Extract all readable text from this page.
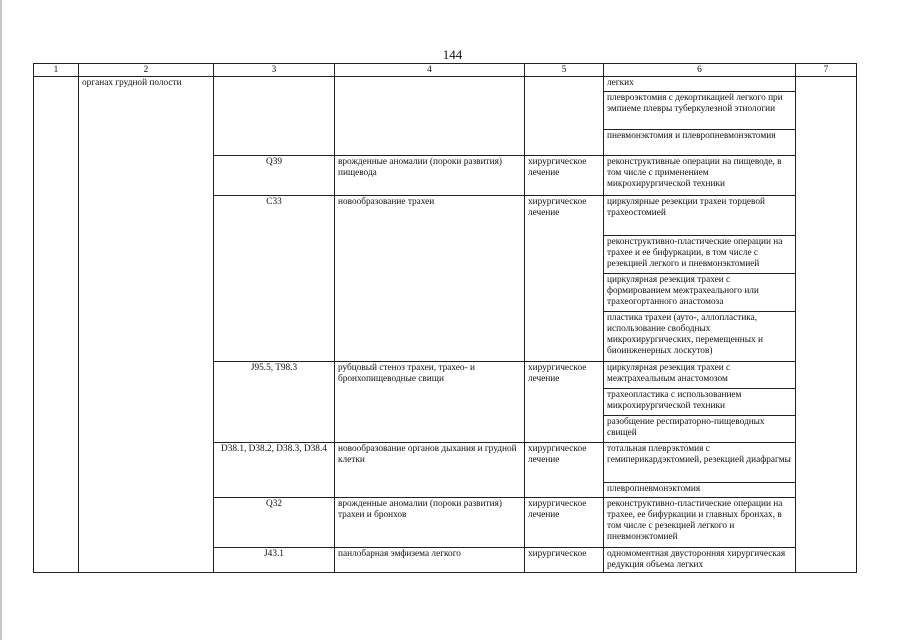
144
1	2	3	4	5	6	7
	органах грудной полости				легких	
					плевроэктомия с декортикацией легкого при эмпиеме плевры туберкулезной этиологии	
					пневмонэктомия и плевропневмонэктомия	
		Q39	врожденные аномалии (пороки развития) пищевода	хирургическое лечение	реконструктивные операции на пищеводе, в том числе с применением микрохирургической техники	
		C33	новообразование трахеи	хирургическое лечение	циркулярные резекции трахеи торцевой трахеостомией	
					реконструктивно-пластические операции на трахее и ее бифуркации, в том числе с резекцией легкого и пневмонэктомией	
					циркулярная резекция трахеи с формированием межтрахеального или трахеогортанного анастомоза	
					пластика трахеи (ауто-, аллопластика, использование свободных микрохирургических, перемещенных и биоинженерных лоскутов)	
		J95.5, T98.3	рубцовый стеноз трахеи, трахео- и бронхопищеводные свищи	хирургическое лечение	циркулярная резекция трахеи с межтрахеальным анастомозом	
					трахеопластика с использованием микрохирургической техники	
					разобщение респираторно-пищеводных свищей	
		D38.1, D38.2, D38.3, D38.4	новообразование органов дыхания и грудной клетки	хирургическое лечение	тотальная плеврэктомия с гемиперикардэктомией, резекцией диафрагмы	
					плевропневмонэктомия	
		Q32	врожденные аномалии (пороки развития) трахеи и бронхов	хирургическое лечение	реконструктивно-пластические операции на трахее, ее бифуркации и главных бронхах, в том числе с резекцией легкого и пневмонэктомией	
		J43.1	панлобарная эмфизема легкого	хирургическое	одномоментная двусторонняя хирургическая редукция объема легких	
